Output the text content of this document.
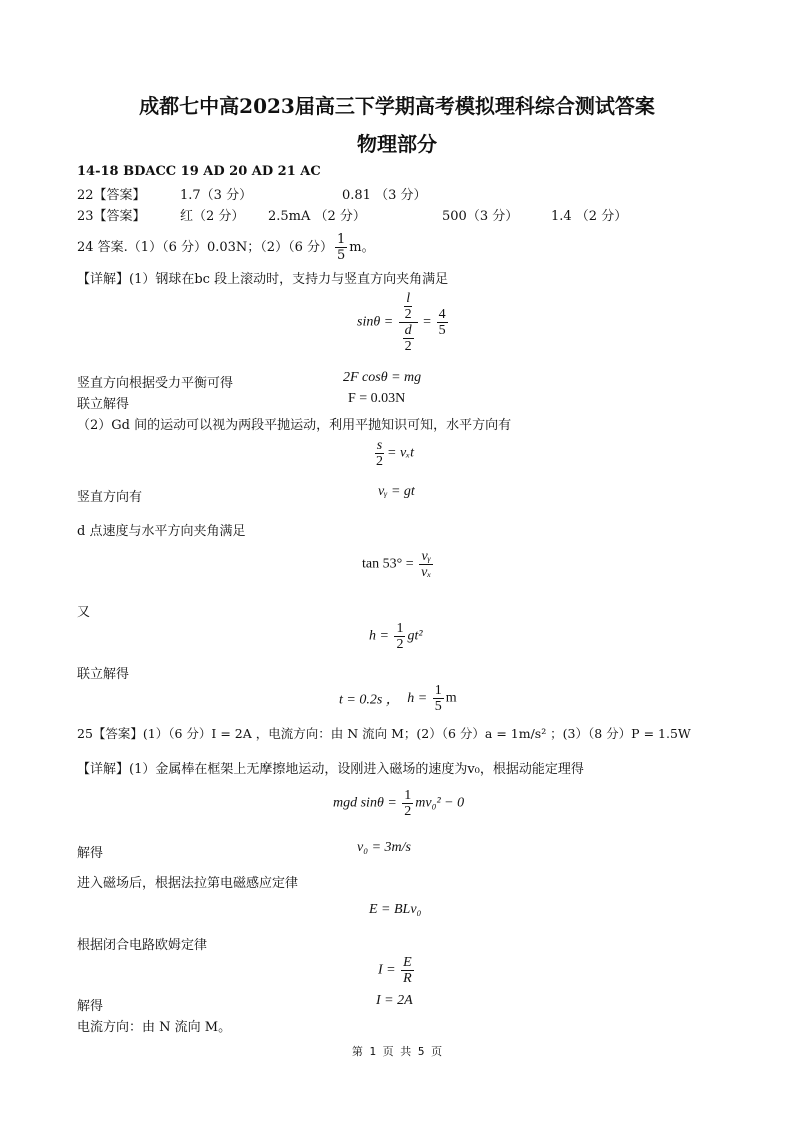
成都七中高2023届高三下学期高考模拟理科综合测试答案
物理部分
14-18 BDACC 19 AD 20 AD 21 AC
22【答案】	1.7（3 分）	0.81 （3 分）
23【答案】	红（2 分） 2.5mA （2 分）	500（3 分）	1.4 （2 分）
24 答案.（1）（6 分）0.03N；（2）（6 分） $\frac{1}{5}$ m。
【详解】(1）钢球在bc 段上滚动时，支持力与竖直方向夹角满足
$\sin\theta = \frac{\frac{l}{2}}{\frac{d}{2}} = \frac{4}{5}$
竖直方向根据受力平衡可得	2F cosθ = mg
联立解得	F = 0.03N
（2）Gd 间的运动可以视为两段平抛运动，利用平抛知识可知，水平方向有
$\frac{s}{2} = v_xt$
竖直方向有	vᵧ = gt
d 点速度与水平方向夹角满足
$\tan 53^\circ = \frac{\text{vᵧ}}{\text{vₓ}}$
又
$h = \frac{1}{2} gt^2$
联立解得
t = 0.2s ， $h = \frac{1}{5}$ m
25【答案】(1）（6 分）I = 2A ，电流方向：由 N 流向 M；(2）（6 分）a = 1m/s² ；(3）（8 分）P = 1.5W
【详解】(1）金属棒在框架上无摩擦地运动，设刚进入磁场的速度为v₀，根据动能定理得
mgd $\sin\theta = \frac{1}{2} mv_0^2 - 0$
解得	v₀ = 3m/s
进入磁场后，根据法拉第电磁感应定律
E = BLv₀
根据闭合电路欧姆定律
$I = \frac{E}{R}$
解得	I = 2A
电流方向：由 N 流向 M。
第 1 页 共 5 页
